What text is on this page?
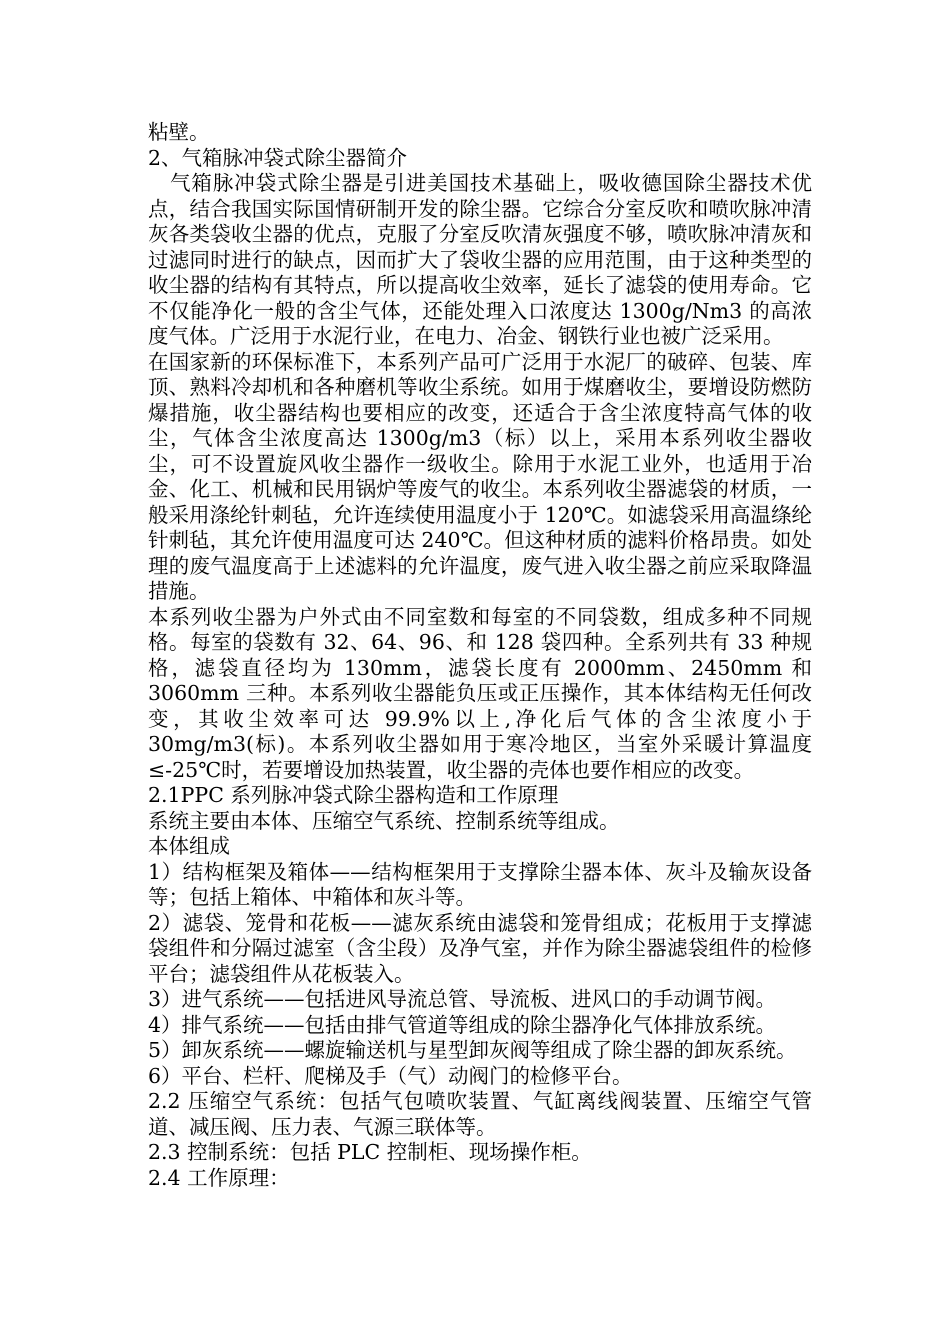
粘壁。

2、气箱脉冲袋式除尘器简介

气箱脉冲袋式除尘器是引进美国技术基础上，吸收德国除尘器技术优点，结合我国实际国情研制开发的除尘器。它综合分室反吹和喷吹脉冲清灰各类袋收尘器的优点，克服了分室反吹清灰强度不够，喷吹脉冲清灰和过滤同时进行的缺点，因而扩大了袋收尘器的应用范围，由于这种类型的收尘器的结构有其特点，所以提高收尘效率，延长了滤袋的使用寿命。它不仅能净化一般的含尘气体，还能处理入口浓度达 1300g/Nm3 的高浓度气体。广泛用于水泥行业，在电力、冶金、钢铁行业也被广泛采用。

在国家新的环保标准下，本系列产品可广泛用于水泥厂的破碎、包装、库顶、熟料冷却机和各种磨机等收尘系统。如用于煤磨收尘，要增设防燃防爆措施，收尘器结构也要相应的改变，还适合于含尘浓度特高气体的收尘，气体含尘浓度高达 1300g/m3（标）以上，采用本系列收尘器收尘，可不设置旋风收尘器作一级收尘。除用于水泥工业外，也适用于冶金、化工、机械和民用锅炉等废气的收尘。本系列收尘器滤袋的材质，一般采用涤纶针刺毡，允许连续使用温度小于 120℃。如滤袋采用高温绦纶针刺毡，其允许使用温度可达 240℃。但这种材质的滤料价格昂贵。如处理的废气温度高于上述滤料的允许温度，废气进入收尘器之前应采取降温措施。

本系列收尘器为户外式由不同室数和每室的不同袋数，组成多种不同规格。每室的袋数有 32、64、96、和 128 袋四种。全系列共有 33 种规格，滤袋直径均为 130mm，滤袋长度有 2000mm、2450mm 和 3060mm 三种。本系列收尘器能负压或正压操作，其本体结构无任何改变，其收尘效率可达 99.9%以上,净化后气体的含尘浓度小于 30mg/m3(标)。本系列收尘器如用于寒冷地区，当室外采暖计算温度≤-25℃时，若要增设加热装置，收尘器的壳体也要作相应的改变。

2.1PPC 系列脉冲袋式除尘器构造和工作原理

系统主要由本体、压缩空气系统、控制系统等组成。

本体组成

1）结构框架及箱体——结构框架用于支撑除尘器本体、灰斗及输灰设备等；包括上箱体、中箱体和灰斗等。

2）滤袋、笼骨和花板——滤灰系统由滤袋和笼骨组成；花板用于支撑滤袋组件和分隔过滤室（含尘段）及净气室，并作为除尘器滤袋组件的检修平台；滤袋组件从花板装入。

3）进气系统——包括进风导流总管、导流板、进风口的手动调节阀。

4）排气系统——包括由排气管道等组成的除尘器净化气体排放系统。

5）卸灰系统——螺旋输送机与星型卸灰阀等组成了除尘器的卸灰系统。

6）平台、栏杆、爬梯及手（气）动阀门的检修平台。

2.2 压缩空气系统：包括气包喷吹装置、气缸离线阀装置、压缩空气管道、减压阀、压力表、气源三联体等。

2.3 控制系统：包括 PLC 控制柜、现场操作柜。

2.4 工作原理：
